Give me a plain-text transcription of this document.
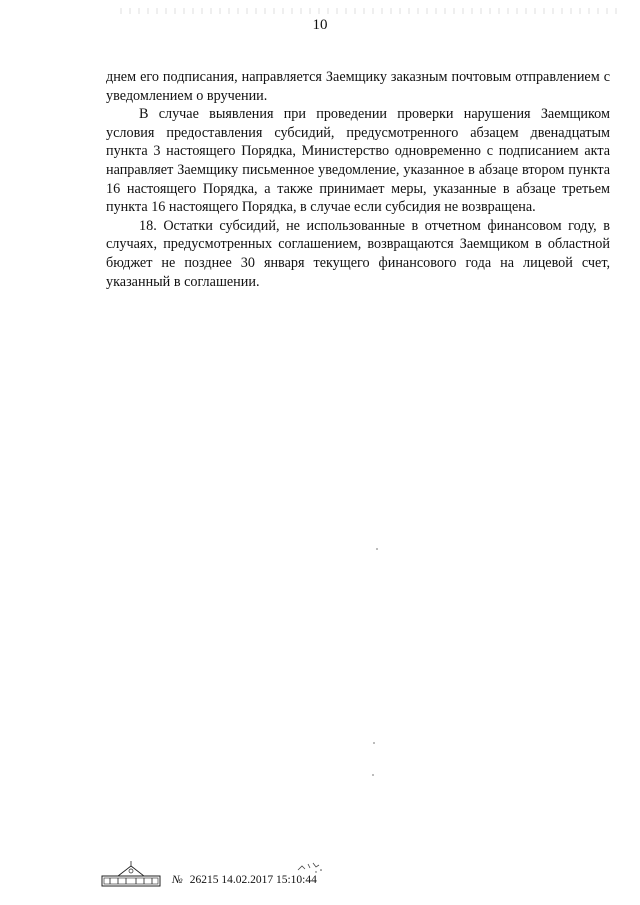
10

днем его подписания, направляется Заемщику заказным почтовым отправлением с уведомлением о вручении.

В случае выявления при проведении проверки нарушения Заемщиком условия предоставления субсидий, предусмотренного абзацем двенадцатым пункта 3 настоящего Порядка, Министерство одновременно с подписанием акта направляет Заемщику письменное уведомление, указанное в абзаце втором пункта 16 настоящего Порядка, а также принимает меры, указанные в абзаце третьем пункта 16 настоящего Порядка, в случае если субсидия не возвращена.

18. Остатки субсидий, не использованные в отчетном финансовом году, в случаях, предусмотренных соглашением, возвращаются Заемщиком в областной бюджет не позднее 30 января текущего финансового года на лицевой счет, указанный в соглашении.

№ 26215 14.02.2017 15:10:44
